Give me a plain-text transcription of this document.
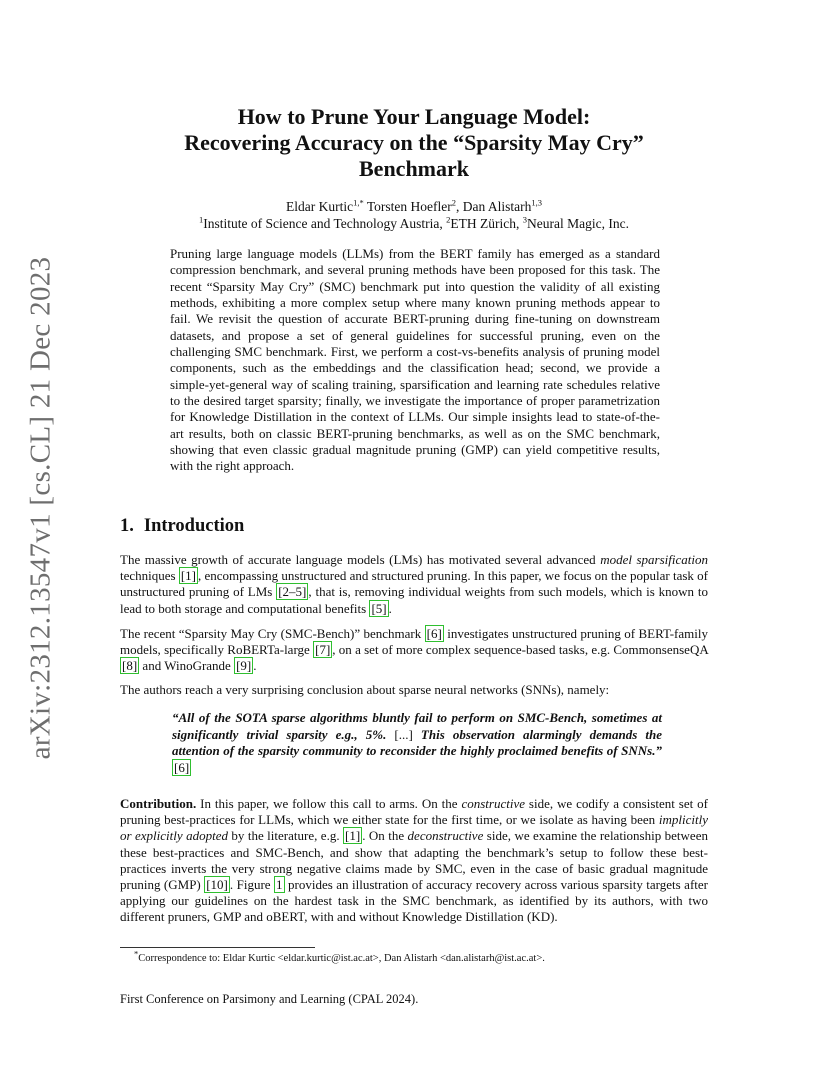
arXiv:2312.13547v1 [cs.CL] 21 Dec 2023
How to Prune Your Language Model:
Recovering Accuracy on the “Sparsity May Cry”
Benchmark
Eldar Kurtic$^{1,*}$ Torsten Hoefler$^2$, Dan Alistarh$^{1,3}$
$^1$Institute of Science and Technology Austria, $^2$ETH Zürich, $^3$Neural Magic, Inc.
Pruning large language models (LLMs) from the BERT family has emerged as a standard compression benchmark, and several pruning methods have been proposed for this task. The recent “Sparsity May Cry” (SMC) benchmark put into question the validity of all existing methods, exhibiting a more complex setup where many known pruning methods appear to fail. We revisit the question of accurate BERT-pruning during fine-tuning on downstream datasets, and propose a set of general guidelines for successful pruning, even on the challenging SMC benchmark. First, we perform a cost-vs-benefits analysis of pruning model components, such as the embeddings and the classification head; second, we provide a simple-yet-general way of scaling training, sparsification and learning rate schedules relative to the desired target sparsity; finally, we investigate the importance of proper parametrization for Knowledge Distillation in the context of LLMs. Our simple insights lead to state-of-the-art results, both on classic BERT-pruning benchmarks, as well as on the SMC benchmark, showing that even classic gradual magnitude pruning (GMP) can yield competitive results, with the right approach.
1. Introduction
The massive growth of accurate language models (LMs) has motivated several advanced model sparsification techniques [1] , encompassing unstructured and structured pruning. In this paper, we focus on the popular task of unstructured pruning of LMs [2–5] , that is, removing individual weights from such models, which is known to lead to both storage and computational benefits [5] .
The recent “Sparsity May Cry (SMC-Bench)” benchmark [6] investigates unstructured pruning of BERT-family models, specifically RoBERTa-large [7] , on a set of more complex sequence-based tasks, e.g. CommonsenseQA [8] and WinoGrande [9] .
The authors reach a very surprising conclusion about sparse neural networks (SNNs), namely:
“All of the SOTA sparse algorithms bluntly fail to perform on SMC-Bench, sometimes at significantly trivial sparsity e.g., 5%. [...] This observation alarmingly demands the attention of the sparsity community to reconsider the highly proclaimed benefits of SNNs.” [6]
Contribution. In this paper, we follow this call to arms. On the constructive side, we codify a consistent set of pruning best-practices for LLMs, which we either state for the first time, or we isolate as having been implicitly or explicitly adopted by the literature, e.g. [1] . On the deconstructive side, we examine the relationship between these best-practices and SMC-Bench, and show that adapting the benchmark’s setup to follow these best-practices inverts the very strong negative claims made by SMC, even in the case of basic gradual magnitude pruning (GMP) [10] . Figure 1 provides an illustration of accuracy recovery across various sparsity targets after applying our guidelines on the hardest task in the SMC benchmark, as identified by its authors, with two different pruners, GMP and oBERT, with and without Knowledge Distillation (KD).
*Correspondence to: Eldar Kurtic <eldar.kurtic@ist.ac.at>, Dan Alistarh <dan.alistarh@ist.ac.at>.
First Conference on Parsimony and Learning (CPAL 2024).
